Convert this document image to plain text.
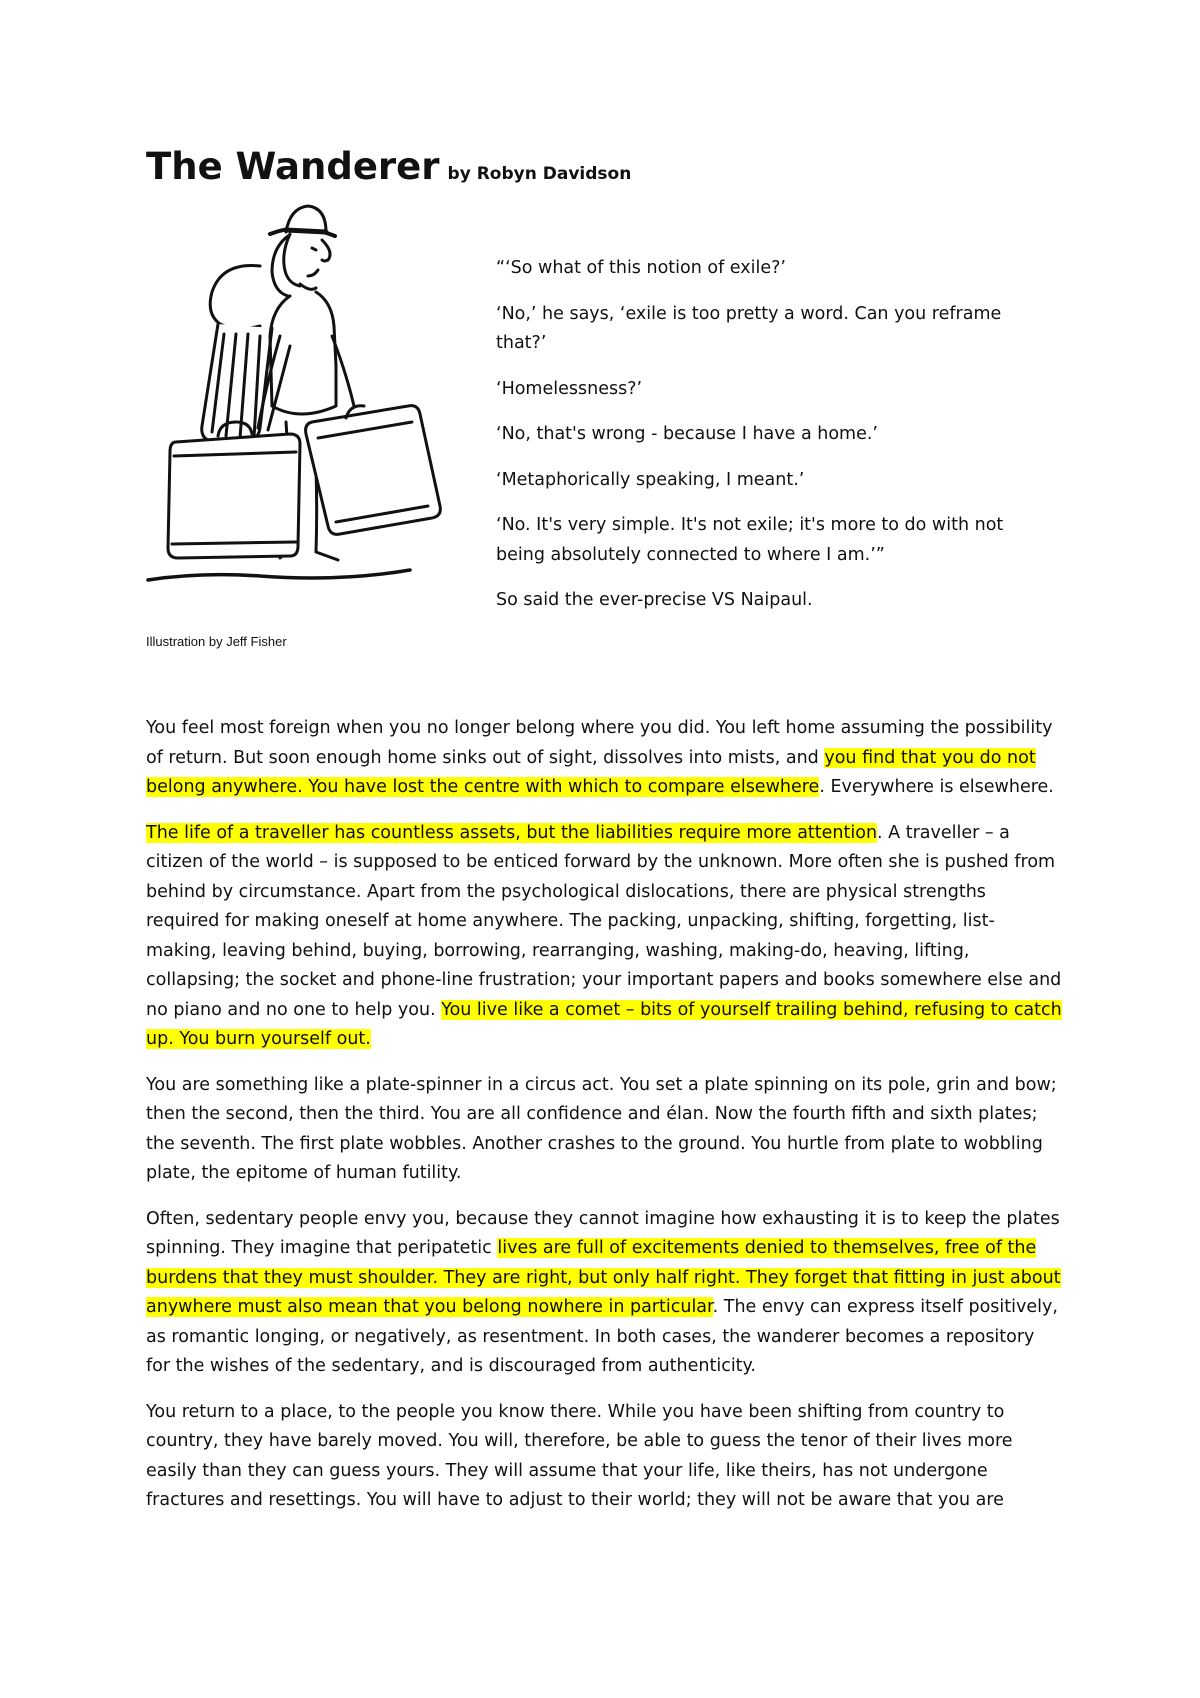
The Wanderer by Robyn Davidson
Illustration by Jeff Fisher

“‘So what of this notion of exile?’

‘No,’ he says, ‘exile is too pretty a word. Can you reframe that?’

‘Homelessness?’

‘No, that's wrong - because I have a home.’

‘Metaphorically speaking, I meant.’

‘No. It's very simple. It's not exile; it's more to do with not being absolutely connected to where I am.’”

So said the ever-precise VS Naipaul.

You feel most foreign when you no longer belong where you did. You left home assuming the possibility of return. But soon enough home sinks out of sight, dissolves into mists, and you find that you do not belong anywhere. You have lost the centre with which to compare elsewhere. Everywhere is elsewhere.

The life of a traveller has countless assets, but the liabilities require more attention. A traveller – a citizen of the world – is supposed to be enticed forward by the unknown. More often she is pushed from behind by circumstance. Apart from the psychological dislocations, there are physical strengths required for making oneself at home anywhere. The packing, unpacking, shifting, forgetting, list-making, leaving behind, buying, borrowing, rearranging, washing, making-do, heaving, lifting, collapsing; the socket and phone-line frustration; your important papers and books somewhere else and no piano and no one to help you. You live like a comet – bits of yourself trailing behind, refusing to catch up. You burn yourself out.

You are something like a plate-spinner in a circus act. You set a plate spinning on its pole, grin and bow; then the second, then the third. You are all confidence and élan. Now the fourth fifth and sixth plates; the seventh. The first plate wobbles. Another crashes to the ground. You hurtle from plate to wobbling plate, the epitome of human futility.

Often, sedentary people envy you, because they cannot imagine how exhausting it is to keep the plates spinning. They imagine that peripatetic lives are full of excitements denied to themselves, free of the burdens that they must shoulder. They are right, but only half right. They forget that fitting in just about anywhere must also mean that you belong nowhere in particular. The envy can express itself positively, as romantic longing, or negatively, as resentment. In both cases, the wanderer becomes a repository for the wishes of the sedentary, and is discouraged from authenticity.

You return to a place, to the people you know there. While you have been shifting from country to country, they have barely moved. You will, therefore, be able to guess the tenor of their lives more easily than they can guess yours. They will assume that your life, like theirs, has not undergone fractures and resettings. You will have to adjust to their world; they will not be aware that you are
